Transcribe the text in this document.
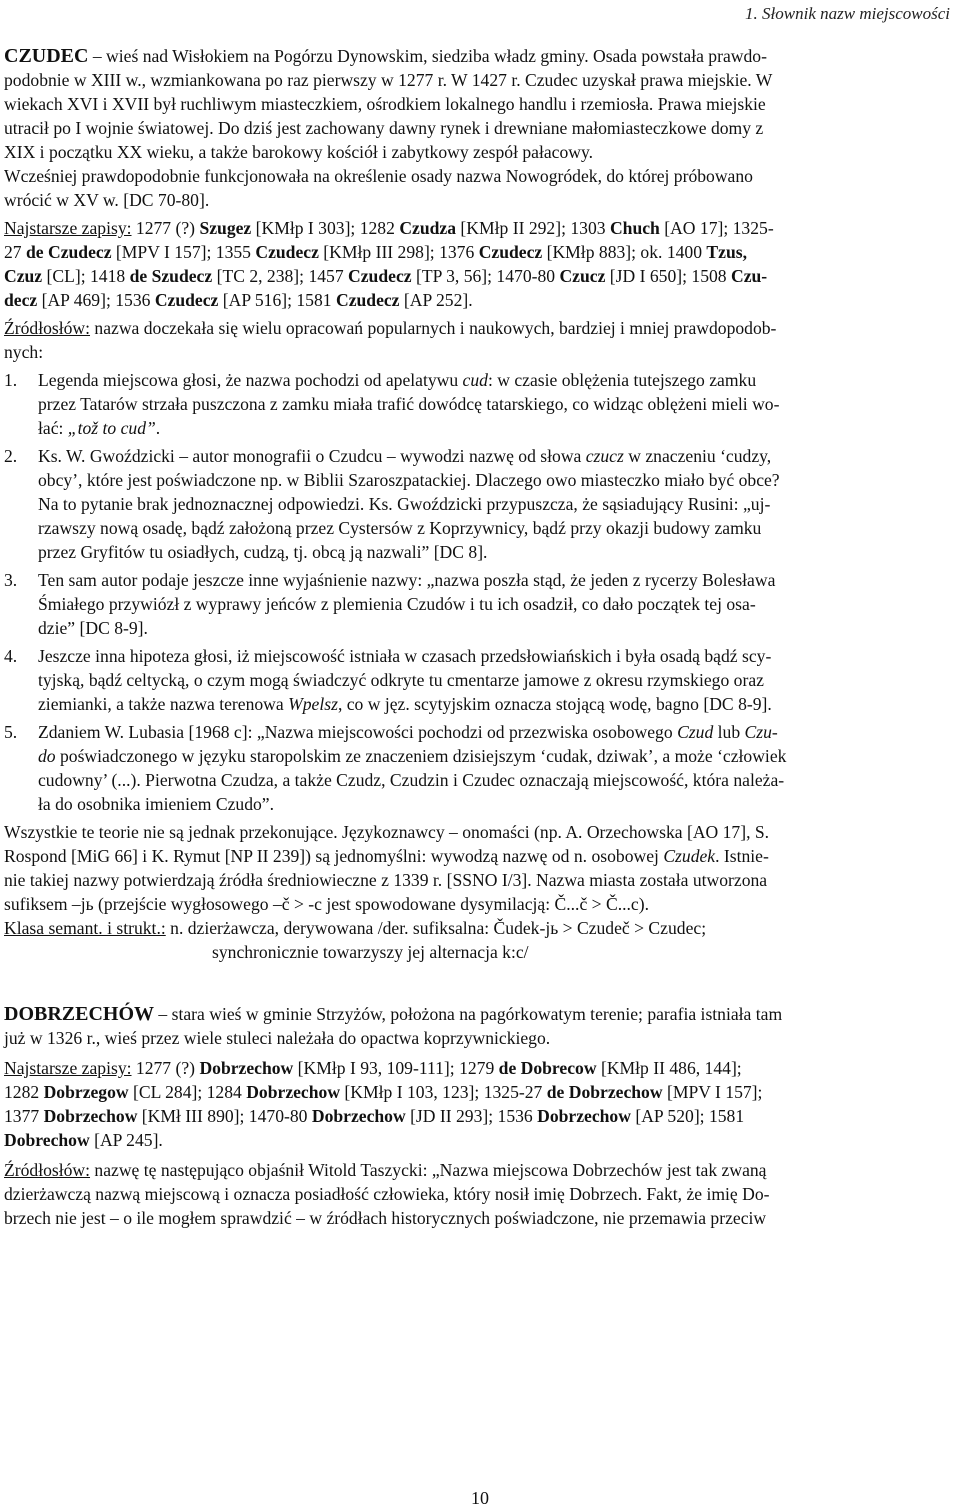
1. Słownik nazw miejscowości
CZUDEC – wieś nad Wisłokiem na Pogórzu Dynowskim, siedziba władz gminy. Osada powstała prawdo-
podobnie w XIII w., wzmiankowana po raz pierwszy w 1277 r. W 1427 r. Czudec uzyskał prawa miejskie. W
wiekach XVI i XVII był ruchliwym miasteczkiem, ośrodkiem lokalnego handlu i rzemiosła. Prawa miejskie
utracił po I wojnie światowej. Do dziś jest zachowany dawny rynek i drewniane małomiasteczkowe domy z
XIX i początku XX wieku, a także barokowy kościół i zabytkowy zespół pałacowy.
Wcześniej prawdopodobnie funkcjonowała na określenie osady nazwa Nowogródek, do której próbowano
wrócić w XV w. [DC 70-80].
Najstarsze zapisy: 1277 (?) Szugez [KMłp I 303]; 1282 Czudza [KMłp II 292]; 1303 Chuch [AO 17]; 1325-
27 de Czudecz [MPV I 157]; 1355 Czudecz [KMłp III 298]; 1376 Czudecz [KMłp 883]; ok. 1400 Tzus,
Czuz [CL]; 1418 de Szudecz [TC 2, 238]; 1457 Czudecz [TP 3, 56]; 1470-80 Czucz [JD I 650]; 1508 Czu-
decz [AP 469]; 1536 Czudecz [AP 516]; 1581 Czudecz [AP 252].
Źródłosłów: nazwa doczekała się wielu opracowań popularnych i naukowych, bardziej i mniej prawdopodob-
nych:
1. Legenda miejscowa głosi, że nazwa pochodzi od apelatywu cud: w czasie oblężenia tutejszego zamku
przez Tatarów strzała puszczona z zamku miała trafić dowódcę tatarskiego, co widząc oblężeni mieli wo-
łać: „tož to cud”.
2. Ks. W. Gwoździcki – autor monografii o Czudcu – wywodzi nazwę od słowa czucz w znaczeniu ‘cudzy,
obcy’, które jest poświadczone np. w Biblii Szaroszpatackiej. Dlaczego owo miasteczko miało być obce?
Na to pytanie brak jednoznacznej odpowiedzi. Ks. Gwoździcki przypuszcza, że sąsiadujący Rusini: „uj-
rzawszy nową osadę, bądź założoną przez Cystersów z Koprzywnicy, bądź przy okazji budowy zamku
przez Gryfitów tu osiadłych, cudzą, tj. obcą ją nazwali” [DC 8].
3. Ten sam autor podaje jeszcze inne wyjaśnienie nazwy: „nazwa poszła stąd, że jeden z rycerzy Bolesława
Śmiałego przywiózł z wyprawy jeńców z plemienia Czudów i tu ich osadził, co dało początek tej osa-
dzie” [DC 8-9].
4. Jeszcze inna hipoteza głosi, iż miejscowość istniała w czasach przedsłowiańskich i była osadą bądź scy-
tyjską, bądź celtycką, o czym mogą świadczyć odkryte tu cmentarze jamowe z okresu rzymskiego oraz
ziemianki, a także nazwa terenowa Wpelsz, co w jęz. scytyjskim oznacza stojącą wodę, bagno [DC 8-9].
5. Zdaniem W. Lubasia [1968 c]: „Nazwa miejscowości pochodzi od przezwiska osobowego Czud lub Czu-
do poświadczonego w języku staropolskim ze znaczeniem dzisiejszym ‘cudak, dziwak’, a może ‘człowiek
cudowny’ (...). Pierwotna Czudza, a także Czudz, Czudzin i Czudec oznaczają miejscowość, która należa-
ła do osobnika imieniem Czudo”.
Wszystkie te teorie nie są jednak przekonujące. Językoznawcy – onomaści (np. A. Orzechowska [AO 17], S.
Rospond [MiG 66] i K. Rymut [NP II 239]) są jednomyślni: wywodzą nazwę od n. osobowej Czudek. Istnie-
nie takiej nazwy potwierdzają źródła średniowieczne z 1339 r. [SSNO I/3]. Nazwa miasta została utworzona
sufiksem –jь (przejście wygłosowego –č > -c jest spowodowane dysymilacją: Č...č > Č...c).
Klasa semant. i strukt.: n. dzierżawcza, derywowana /der. sufiksalna: Čudek-jь > Czudeč > Czudec;
synchronicznie towarzyszy jej alternacja k:c/
DOBRZECHÓW – stara wieś w gminie Strzyżów, położona na pagórkowatym terenie; parafia istniała tam
już w 1326 r., wieś przez wiele stuleci należała do opactwa koprzywnickiego.
Najstarsze zapisy: 1277 (?) Dobrzechow [KMłp I 93, 109-111]; 1279 de Dobrecow [KMłp II 486, 144];
1282 Dobrzegow [CL 284]; 1284 Dobrzechow [KMłp I 103, 123]; 1325-27 de Dobrzechow [MPV I 157];
1377 Dobrzechow [KMł III 890]; 1470-80 Dobrzechow [JD II 293]; 1536 Dobrzechow [AP 520]; 1581
Dobrechow [AP 245].
Źródłosłów: nazwę tę następująco objaśnił Witold Taszycki: „Nazwa miejscowa Dobrzechów jest tak zwaną
dzierżawczą nazwą miejscową i oznacza posiadłość człowieka, który nosił imię Dobrzech. Fakt, że imię Do-
brzech nie jest – o ile mogłem sprawdzić – w źródłach historycznych poświadczone, nie przemawia przeciw
10
